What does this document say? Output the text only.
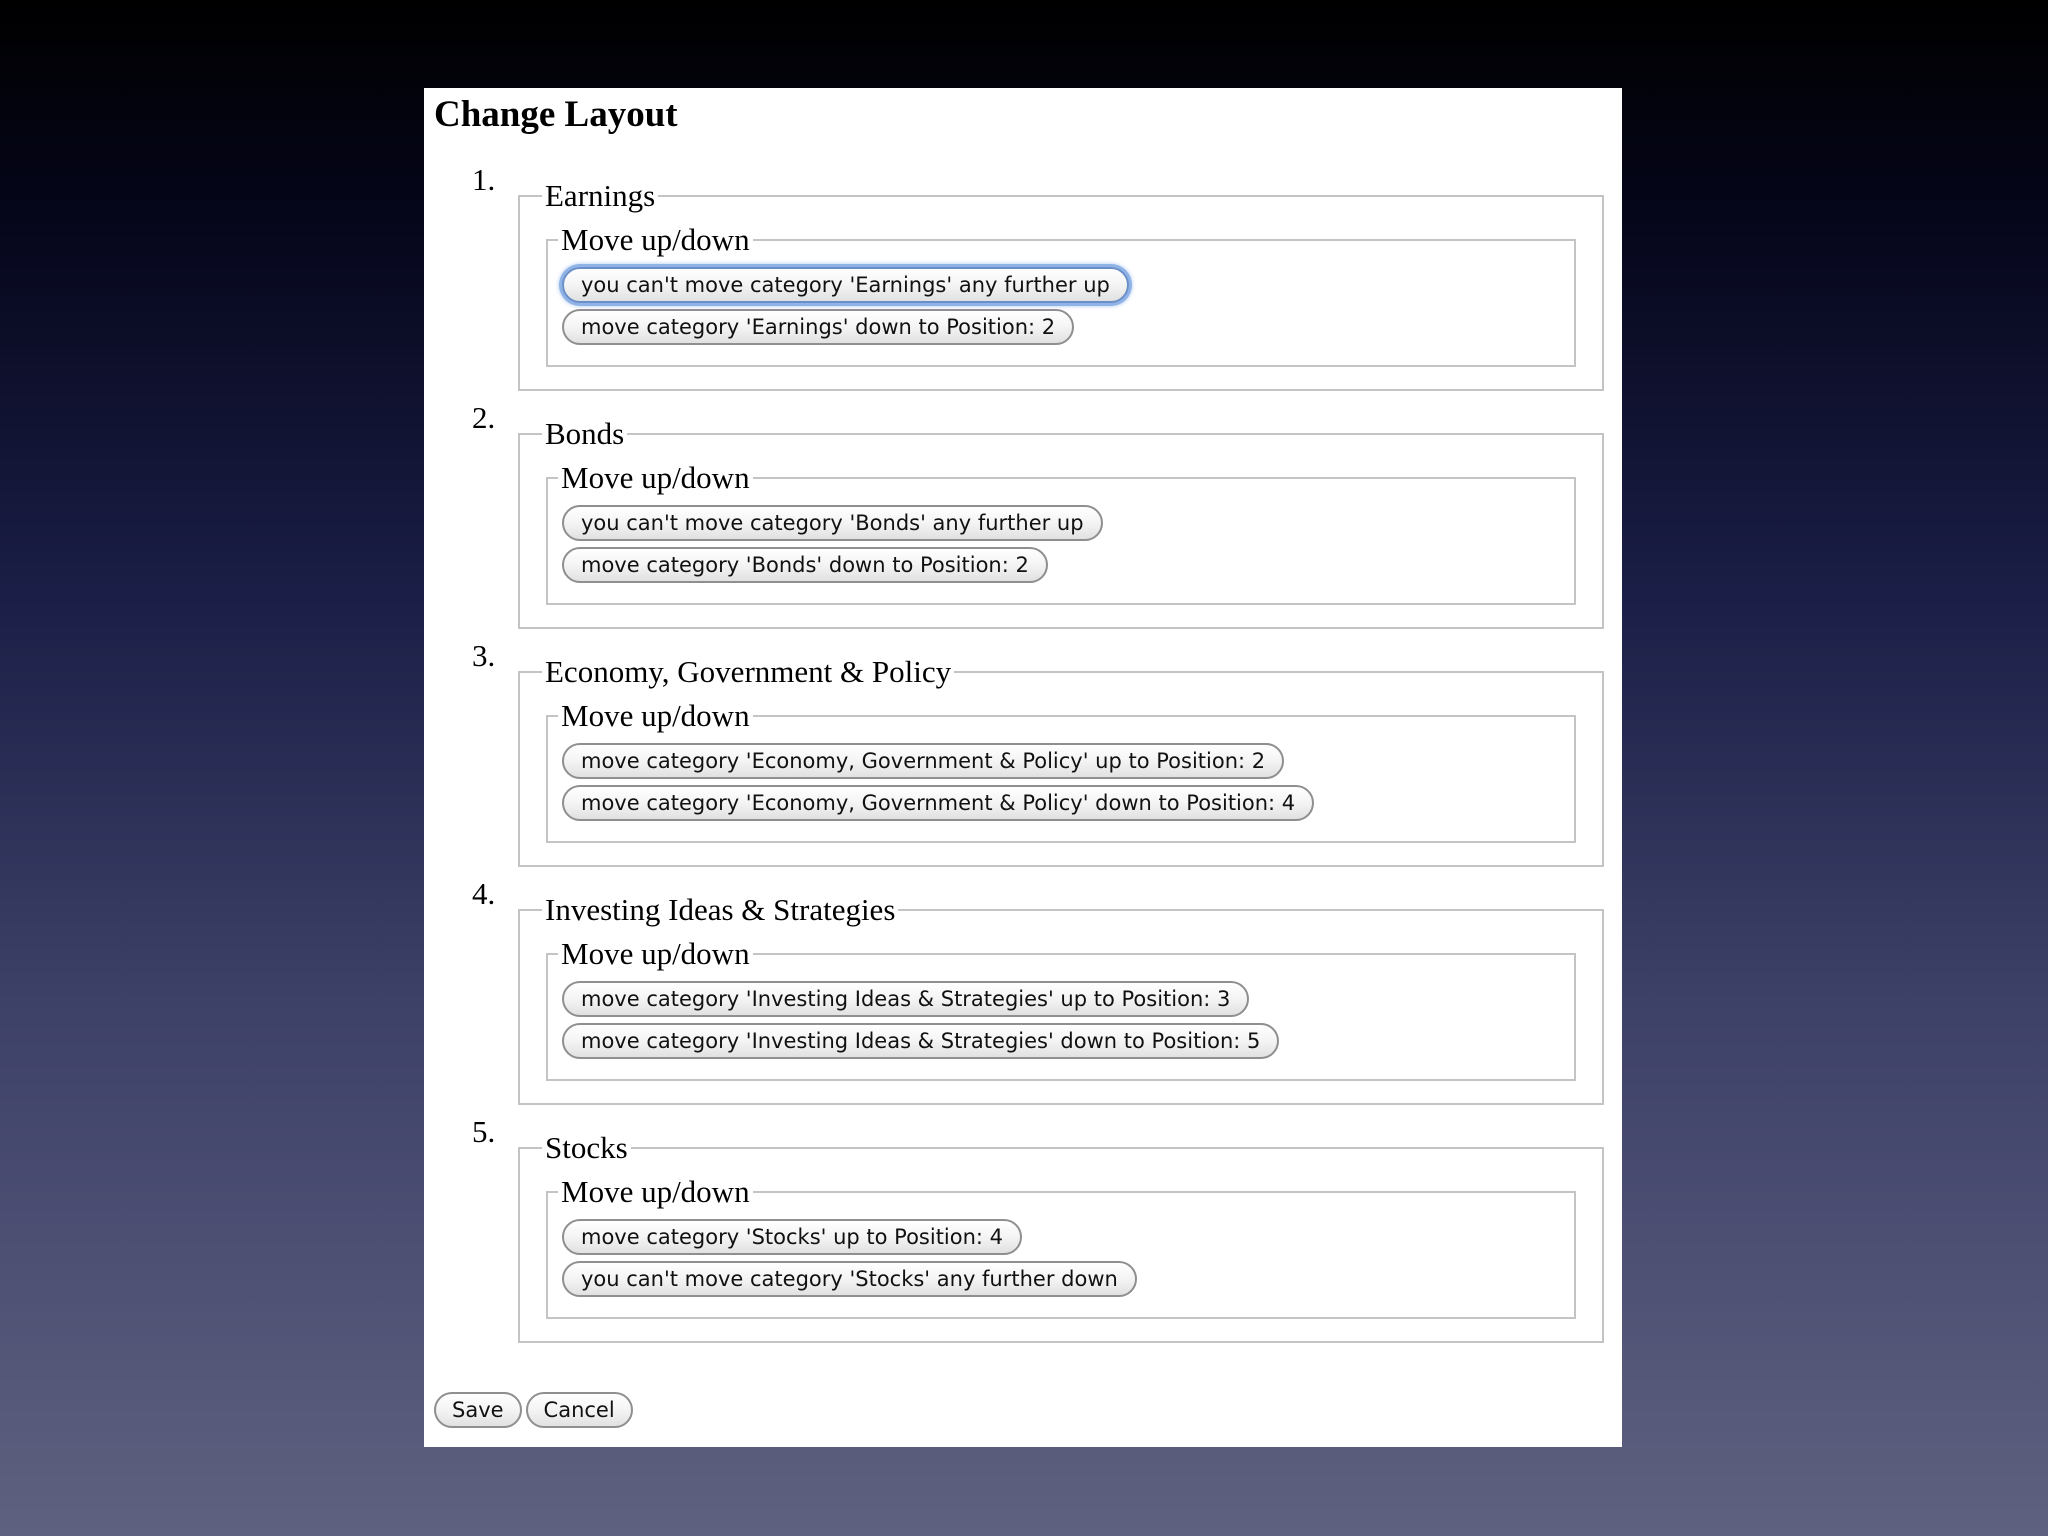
Change Layout
1. Earnings
Move up/down
you can't move category 'Earnings' any further up
move category 'Earnings' down to Position: 2
2. Bonds
Move up/down
you can't move category 'Bonds' any further up
move category 'Bonds' down to Position: 2
3. Economy, Government & Policy
Move up/down
move category 'Economy, Government & Policy' up to Position: 2
move category 'Economy, Government & Policy' down to Position: 4
4. Investing Ideas & Strategies
Move up/down
move category 'Investing Ideas & Strategies' up to Position: 3
move category 'Investing Ideas & Strategies' down to Position: 5
5. Stocks
Move up/down
move category 'Stocks' up to Position: 4
you can't move category 'Stocks' any further down
Save	Cancel
